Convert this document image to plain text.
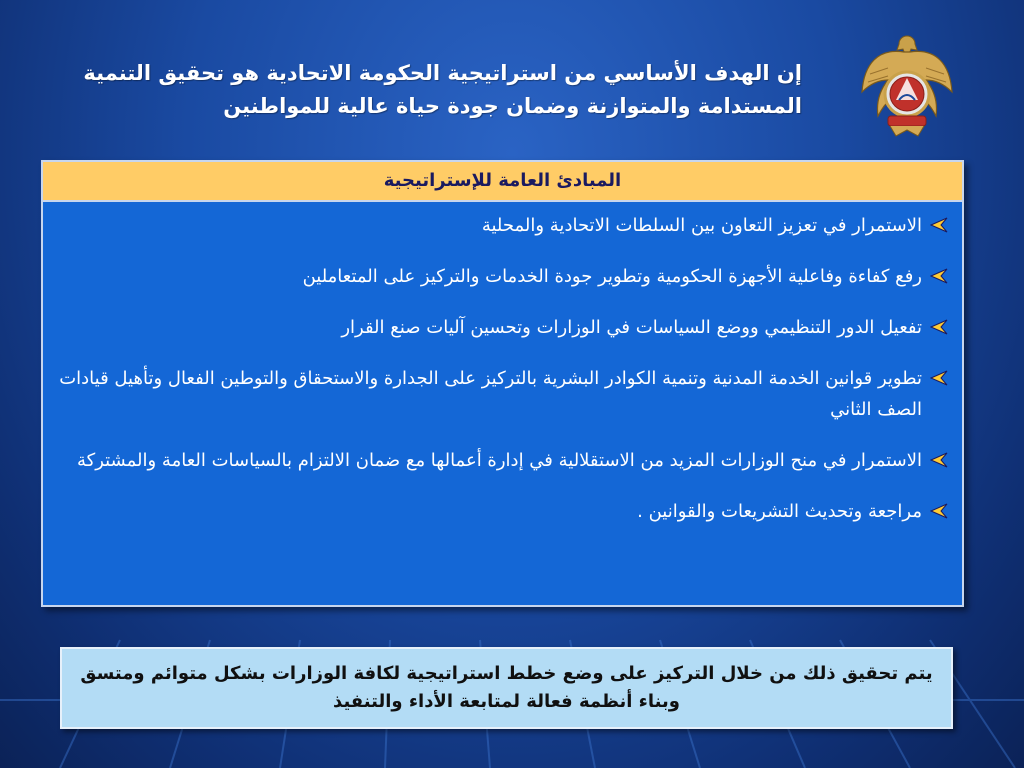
إن الهدف الأساسي من استراتيجية الحكومة الاتحادية هو تحقيق التنمية المستدامة والمتوازنة وضمان جودة حياة عالية للمواطنين
المبادئ العامة للإستراتيجية
الاستمرار في تعزيز التعاون بين السلطات الاتحادية والمحلية
رفع كفاءة وفاعلية الأجهزة الحكومية وتطوير جودة الخدمات والتركيز على المتعاملين
تفعيل الدور التنظيمي ووضع السياسات في الوزارات وتحسين آليات صنع القرار
تطوير قوانين الخدمة المدنية وتنمية الكوادر البشرية بالتركيز على الجدارة والاستحقاق والتوطين الفعال وتأهيل قيادات الصف الثاني
الاستمرار في منح الوزارات المزيد من الاستقلالية في إدارة أعمالها مع ضمان الالتزام بالسياسات العامة والمشتركة
مراجعة وتحديث التشريعات والقوانين .
يتم تحقيق ذلك من خلال التركيز على وضع خطط استراتيجية لكافة الوزارات بشكل متوائم ومتسق وبناء أنظمة فعالة لمتابعة الأداء والتنفيذ
